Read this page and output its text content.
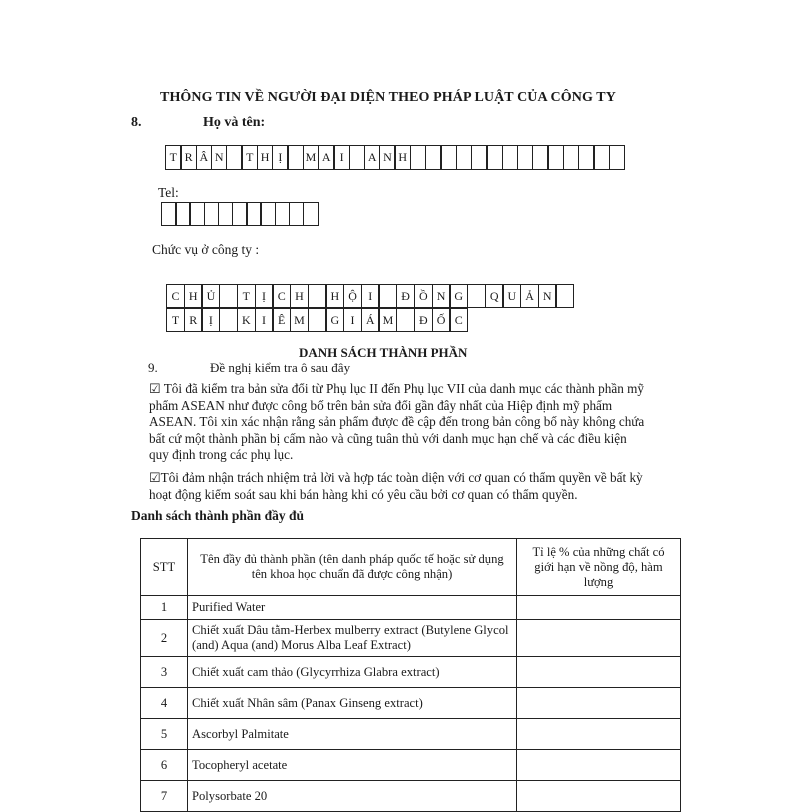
THÔNG TIN VỀ NGƯỜI ĐẠI DIỆN THEO PHÁP LUẬT CỦA CÔNG TY
8.	Họ và tên:
T R Â N	T H Ị	M A I	A N H
Tel:
Chức vụ ở công ty :
C H Ủ	T	Ị C H	H Ộ I	Đ Ồ N G	Q U Ả N
T R Ị	K I	Ê M	G I Á M	Đ Ố C
DANH SÁCH THÀNH PHẦN
9.	Đề nghị kiểm tra ô sau đây
☑ Tôi đã kiểm tra bản sửa đổi từ Phụ lục II đến Phụ lục VII của danh mục các thành phần mỹ phẩm ASEAN như được công bố trên bản sửa đổi gần đây nhất của Hiệp định mỹ phẩm ASEAN. Tôi xin xác nhận rằng sản phẩm được đề cập đến trong bản công bố này không chứa bất cứ một thành phần bị cấm nào và cũng tuân thủ với danh mục hạn chế và các điều kiện quy định trong các phụ lục.
☑Tôi đảm nhận trách nhiệm trả lời và hợp tác toàn diện với cơ quan có thẩm quyền về bất kỳ hoạt động kiểm soát sau khi bán hàng khi có yêu cầu bởi cơ quan có thẩm quyền.
Danh sách thành phần đầy đủ
STT	Tên đầy đủ thành phần (tên danh pháp quốc tế hoặc sử dụng tên khoa học chuẩn đã được công nhận)	Tỉ lệ % của những chất có giới hạn về nồng độ, hàm lượng
1	Purified Water	
2	Chiết xuất Dâu tằm-Herbex mulberry extract (Butylene Glycol (and) Aqua (and) Morus Alba Leaf Extract)	
3	Chiết xuất cam thảo (Glycyrrhiza Glabra extract)	
4	Chiết xuất Nhân sâm (Panax Ginseng extract)	
5	Ascorbyl Palmitate	
6	Tocopheryl acetate	
7	Polysorbate 20	
